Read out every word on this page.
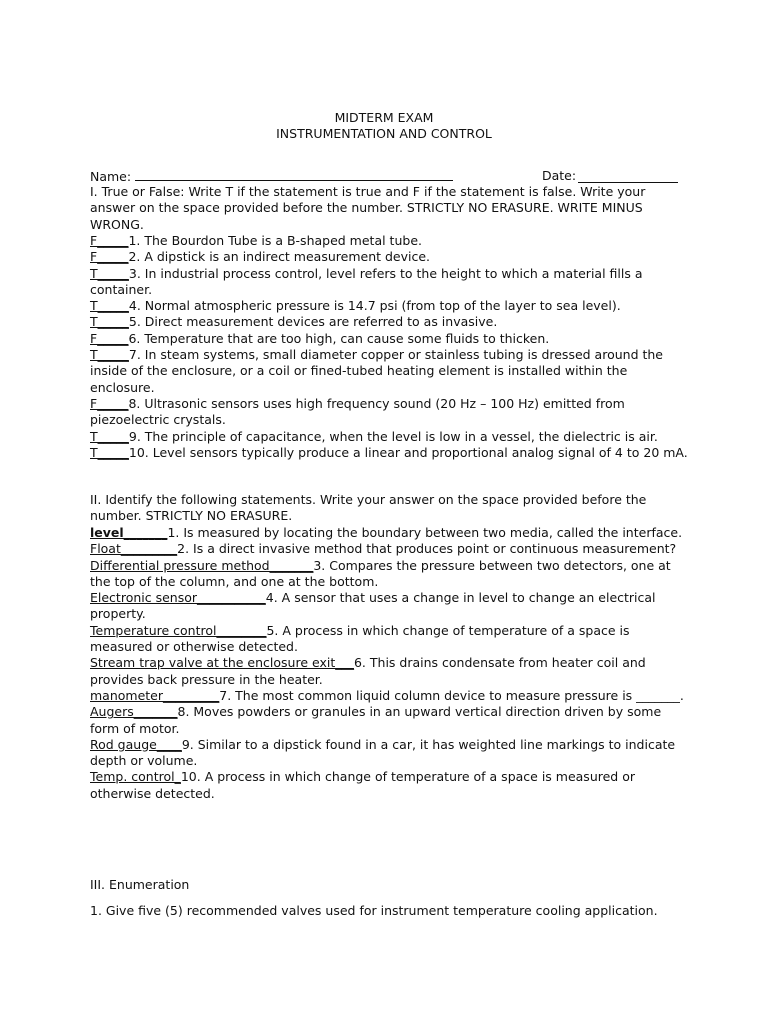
MIDTERM EXAM
INSTRUMENTATION AND CONTROL
Name:	Date:
I. True or False: Write T if the statement is true and F if the statement is false. Write your answer on the space provided before the number. STRICTLY NO ERASURE. WRITE MINUS WRONG.
F_____1. The Bourdon Tube is a B-shaped metal tube.
F_____2. A dipstick is an indirect measurement device.
T_____3. In industrial process control, level refers to the height to which a material fills a container.
T_____4. Normal atmospheric pressure is 14.7 psi (from top of the layer to sea level).
T_____5. Direct measurement devices are referred to as invasive.
F_____6. Temperature that are too high, can cause some fluids to thicken.
T_____7. In steam systems, small diameter copper or stainless tubing is dressed around the inside of the enclosure, or a coil or fined-tubed heating element is installed within the enclosure.
F_____8. Ultrasonic sensors uses high frequency sound (20 Hz – 100 Hz) emitted from piezoelectric crystals.
T_____9. The principle of capacitance, when the level is low in a vessel, the dielectric is air.
T_____10. Level sensors typically produce a linear and proportional analog signal of 4 to 20 mA.
II. Identify the following statements. Write your answer on the space provided before the number. STRICTLY NO ERASURE.
level_______1. Is measured by locating the boundary between two media, called the interface.
Float_________2. Is a direct invasive method that produces point or continuous measurement?
Differential pressure method_______3. Compares the pressure between two detectors, one at the top of the column, and one at the bottom.
Electronic sensor___________4. A sensor that uses a change in level to change an electrical property.
Temperature control________5. A process in which change of temperature of a space is measured or otherwise detected.
Stream trap valve at the enclosure exit___6. This drains condensate from heater coil and provides back pressure in the heater.
manometer_________7. The most common liquid column device to measure pressure is _______.
Augers_______8. Moves powders or granules in an upward vertical direction driven by some form of motor.
Rod gauge____9. Similar to a dipstick found in a car, it has weighted line markings to indicate depth or volume.
Temp. control_10. A process in which change of temperature of a space is measured or otherwise detected.
III. Enumeration
1. Give five (5) recommended valves used for instrument temperature cooling application.
